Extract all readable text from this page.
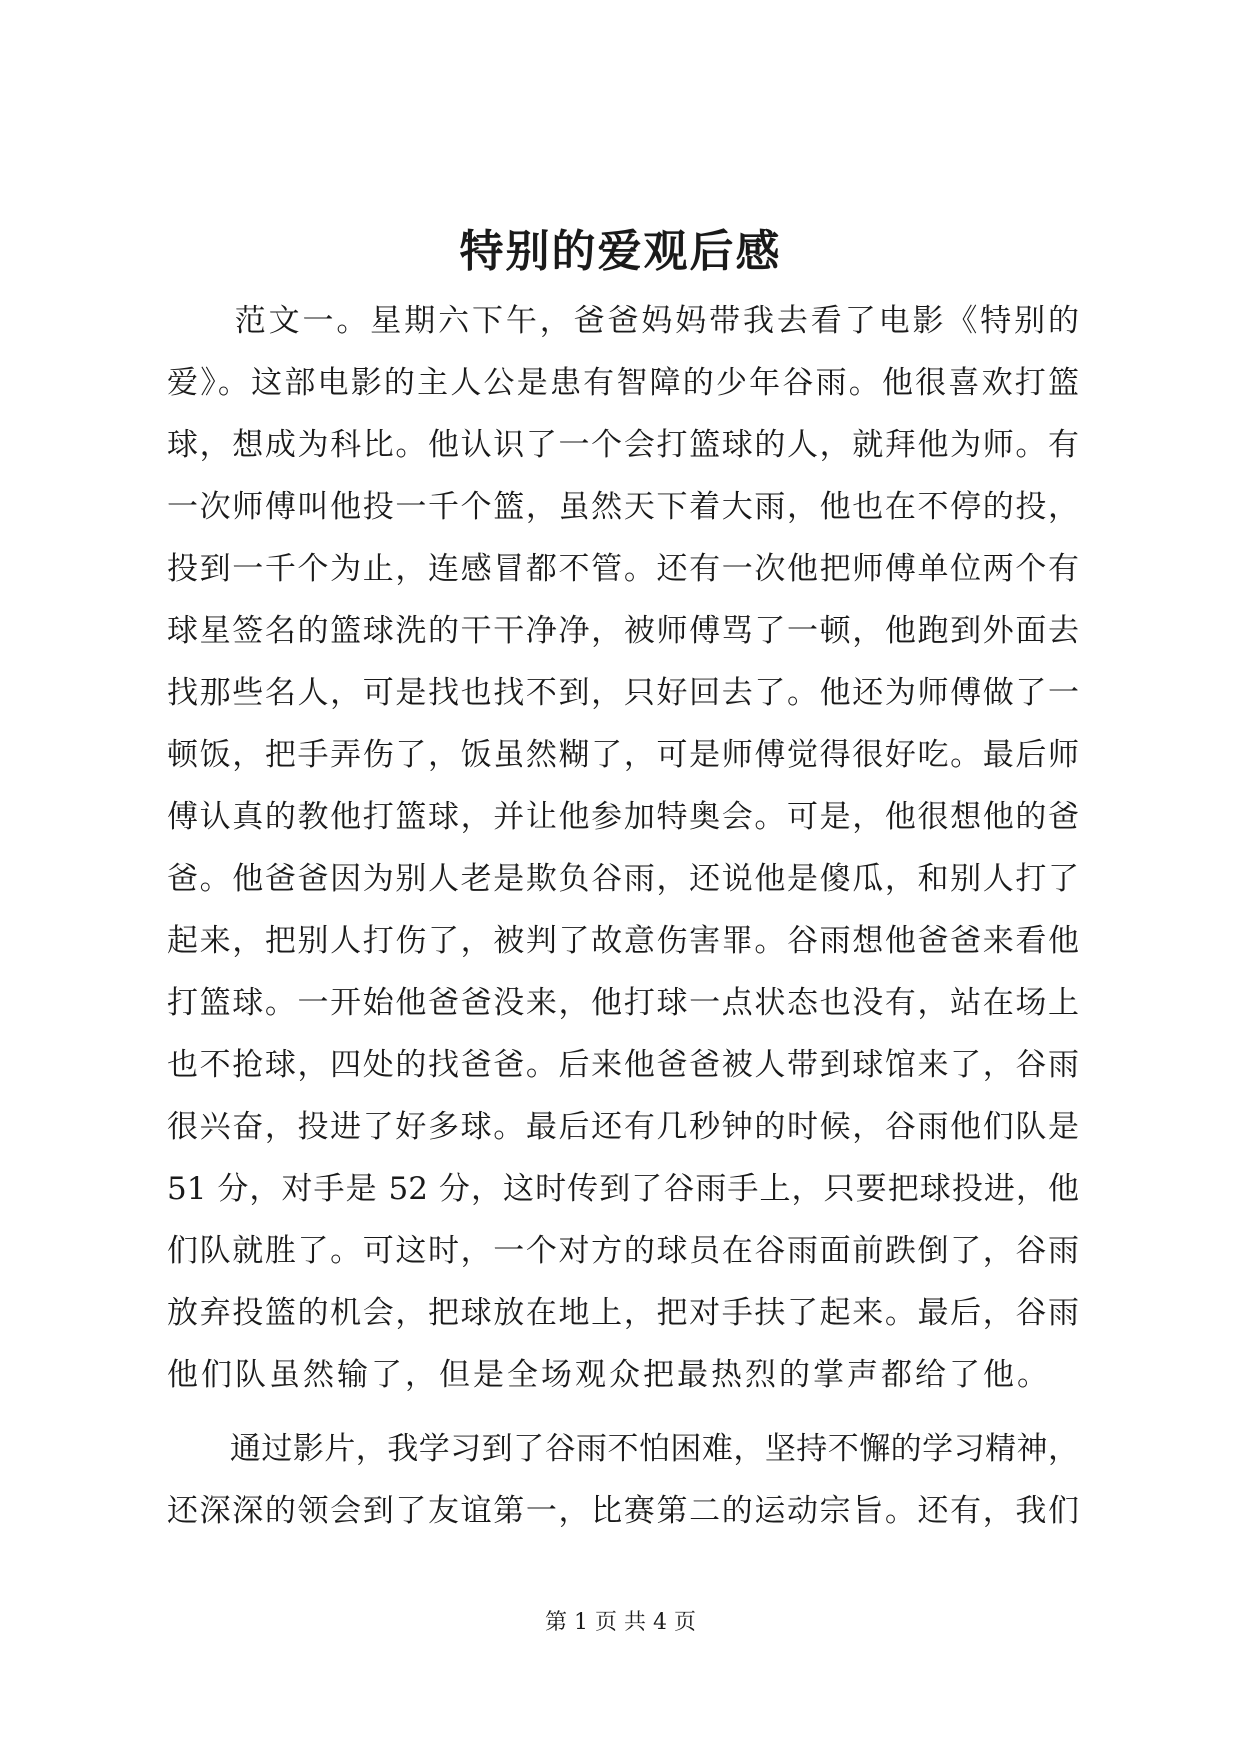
特别的爱观后感
　　范文一。星期六下午，爸爸妈妈带我去看了电影《特别的
爱》。这部电影的主人公是患有智障的少年谷雨。他很喜欢打篮
球，想成为科比。他认识了一个会打篮球的人，就拜他为师。有
一次师傅叫他投一千个篮，虽然天下着大雨，他也在不停的投，
投到一千个为止，连感冒都不管。还有一次他把师傅单位两个有
球星签名的篮球洗的干干净净，被师傅骂了一顿，他跑到外面去
找那些名人，可是找也找不到，只好回去了。他还为师傅做了一
顿饭，把手弄伤了，饭虽然糊了，可是师傅觉得很好吃。最后师
傅认真的教他打篮球，并让他参加特奥会。可是，他很想他的爸
爸。他爸爸因为别人老是欺负谷雨，还说他是傻瓜，和别人打了
起来，把别人打伤了，被判了故意伤害罪。谷雨想他爸爸来看他
打篮球。一开始他爸爸没来，他打球一点状态也没有，站在场上
也不抢球，四处的找爸爸。后来他爸爸被人带到球馆来了，谷雨
很兴奋，投进了好多球。最后还有几秒钟的时候，谷雨他们队是
51 分，对手是 52 分，这时传到了谷雨手上，只要把球投进，他
们队就胜了。可这时，一个对方的球员在谷雨面前跌倒了，谷雨
放弃投篮的机会，把球放在地上，把对手扶了起来。最后，谷雨
他们队虽然输了，但是全场观众把最热烈的掌声都给了他。
　　通过影片，我学习到了谷雨不怕困难，坚持不懈的学习精神，
还深深的领会到了友谊第一，比赛第二的运动宗旨。还有，我们
第 1 页 共 4 页
